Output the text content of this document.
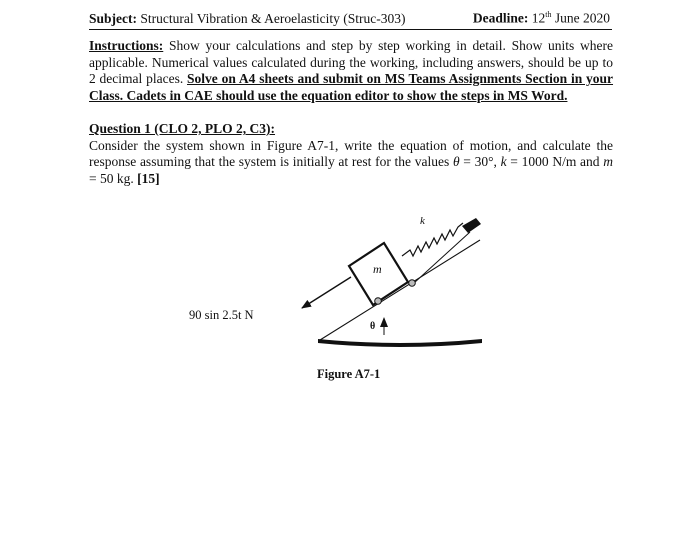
Subject: Structural Vibration & Aeroelasticity (Struc-303)	Deadline: 12th June 2020
Instructions: Show your calculations and step by step working in detail. Show units where applicable. Numerical values calculated during the working, including answers, should be up to 2 decimal places. Solve on A4 sheets and submit on MS Teams Assignments Section in your Class. Cadets in CAE should use the equation editor to show the steps in MS Word.
Question 1 (CLO 2, PLO 2, C3):
Consider the system shown in Figure A7-1, write the equation of motion, and calculate the response assuming that the system is initially at rest for the values θ = 30°, k = 1000 N/m and m = 50 kg. [15]
90 sin 2.5t N
m
k
θ
Figure A7-1
